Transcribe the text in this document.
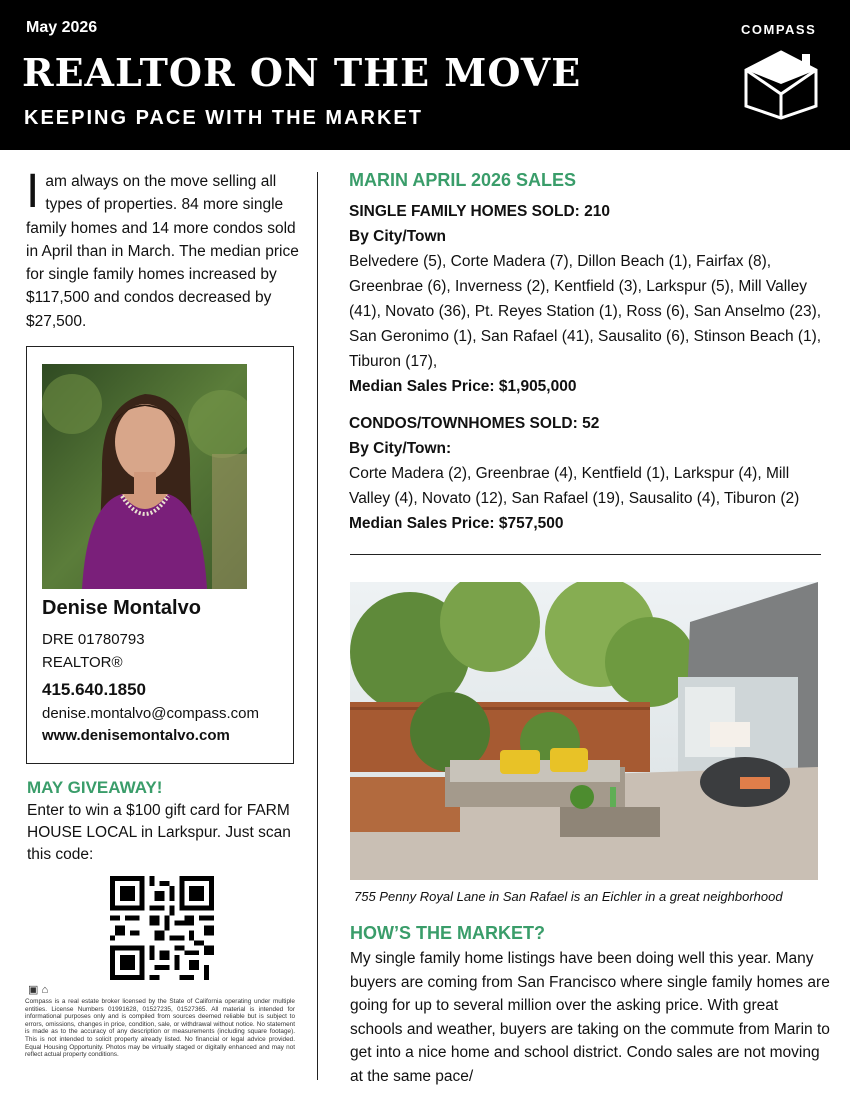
May 2026
REALTOR ON THE MOVE
KEEPING PACE WITH THE MARKET
COMPASS
Iam always on the move selling all types of properties. 84 more single family homes and 14 more condos sold in April than in March. The median price for single family homes increased by $117,500 and condos decreased by $27,500.
Denise Montalvo
DRE 01780793
REALTOR®
415.640.1850
denise.montalvo@compass.com
www.denisemontalvo.com
MAY GIVEAWAY!
Enter to win a $100 gift card for FARM HOUSE LOCAL in Larkspur. Just scan this code:
▣ ⌂
Compass is a real estate broker licensed by the State of California operating under multiple entities. License Numbers 01991628, 01527235, 01527365. All material is intended for informational purposes only and is compiled from sources deemed reliable but is subject to errors, omissions, changes in price, condition, sale, or withdrawal without notice. No statement is made as to the accuracy of any description or measurements (including square footage). This is not intended to solicit property already listed. No financial or legal advice provided. Equal Housing Opportunity. Photos may be virtually staged or digitally enhanced and may not reflect actual property conditions.
MARIN APRIL 2026 SALES
SINGLE FAMILY HOMES SOLD: 210
By City/Town
Belvedere (5), Corte Madera (7), Dillon Beach (1), Fairfax (8), Greenbrae (6), Inverness (2), Kentfield (3), Larkspur (5), Mill Valley (41), Novato (36), Pt. Reyes Station (1), Ross (6), San Anselmo (23), San Geronimo (1), San Rafael (41), Sausalito (6), Stinson Beach (1), Tiburon (17),
Median Sales Price: $1,905,000
CONDOS/TOWNHOMES SOLD: 52
By City/Town:
Corte Madera (2), Greenbrae (4), Kentfield (1), Larkspur (4), Mill Valley (4), Novato (12), San Rafael (19), Sausalito (4), Tiburon (2)
Median Sales Price: $757,500
755 Penny Royal Lane in San Rafael is an Eichler in a great neighborhood
HOW’S THE MARKET?
My single family home listings have been doing well this year. Many buyers are coming from San Francisco where single family homes are going for up to several million over the asking price. With great schools and weather, buyers are taking on the commute from Marin to get into a nice home and school district. Condo sales are not moving at the same pace/
